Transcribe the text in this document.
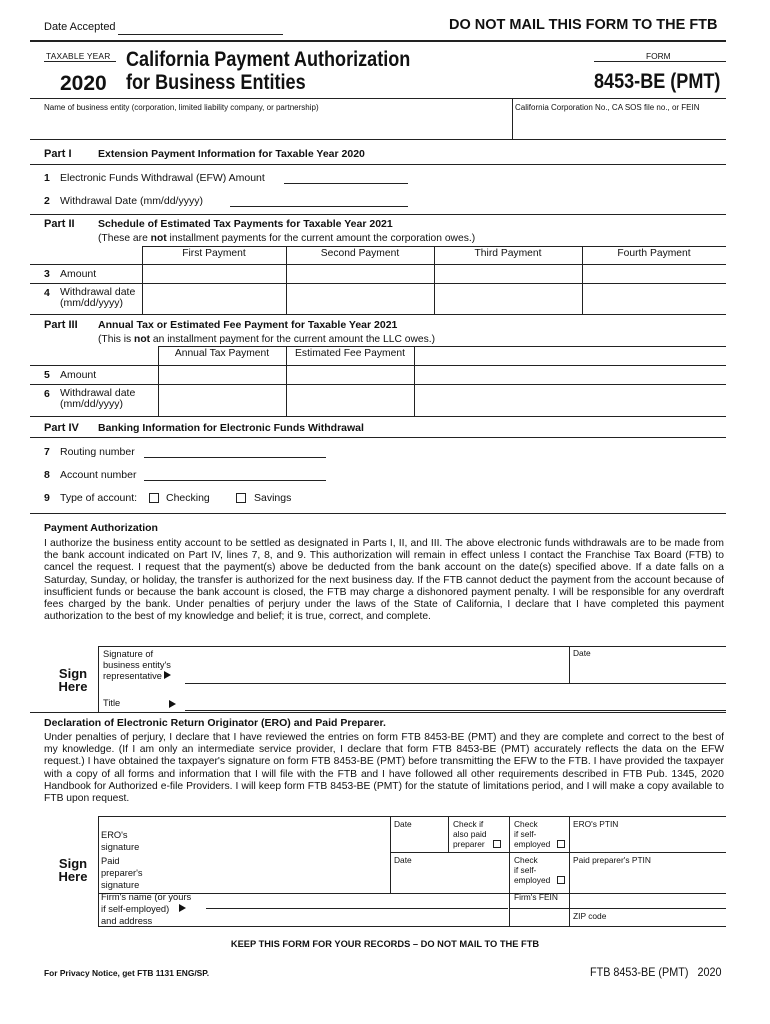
Date Accepted	DO NOT MAIL THIS FORM TO THE FTB
TAXABLE YEAR
2020
California Payment Authorization
for Business Entities
FORM
8453-BE (PMT)
Name of business entity (corporation, limited liability company, or partnership)	California Corporation No., CA SOS file no., or FEIN
Part I	Extension Payment Information for Taxable Year 2020
1 Electronic Funds Withdrawal (EFW) Amount
2 Withdrawal Date (mm/dd/yyyy)
Part II Schedule of Estimated Tax Payments for Taxable Year 2021
(These are not installment payments for the current amount the corporation owes.)
First Payment	Second Payment	Third Payment	Fourth Payment
3 Amount
4 Withdrawal date
(mm/dd/yyyy)
Part III Annual Tax or Estimated Fee Payment for Taxable Year 2021
(This is not an installment payment for the current amount the LLC owes.)
Annual Tax Payment	Estimated Fee Payment
5 Amount
6 Withdrawal date
(mm/dd/yyyy)
Part IV Banking Information for Electronic Funds Withdrawal
7 Routing number
8 Account number
9 Type of account:	Checking	Savings
Payment Authorization
I authorize the business entity account to be settled as designated in Parts I, II, and III. The above electronic funds withdrawals are to be made from the bank account indicated on Part IV, lines 7, 8, and 9. This authorization will remain in effect unless I contact the Franchise Tax Board (FTB) to cancel the request. I request that the payment(s) above be deducted from the bank account on the date(s) specified above. If a date falls on a Saturday, Sunday, or holiday, the transfer is authorized for the next business day. If the FTB cannot deduct the payment from the account because of insufficient funds or because the bank account is closed, the FTB may charge a dishonored payment penalty. I will be responsible for any overdraft fees charged by the bank. Under penalties of perjury under the laws of the State of California, I declare that I have completed this payment authorization to the best of my knowledge and belief; it is true, correct, and complete.
Sign
Here
Signature of
business entity's
representative
Date
Title
Declaration of Electronic Return Originator (ERO) and Paid Preparer.
Under penalties of perjury, I declare that I have reviewed the entries on form FTB 8453-BE (PMT) and they are complete and correct to the best of my knowledge. (If I am only an intermediate service provider, I declare that form FTB 8453-BE (PMT) accurately reflects the data on the EFW request.) I have obtained the taxpayer's signature on form FTB 8453-BE (PMT) before transmitting the EFW to the FTB. I have provided the taxpayer with a copy of all forms and information that I will file with the FTB and I have followed all other requirements described in FTB Pub. 1345, 2020 Handbook for Authorized e-file Providers. I will keep form FTB 8453-BE (PMT) for the statute of limitations period, and I will make a copy available to FTB upon request.
Sign
Here
ERO's
signature
Date	Check if
also paid
preparer
Check
if self-
employed
ERO's PTIN
Paid
preparer's
signature
Date	Check
if self-
employed
Paid preparer's PTIN
Firm's name (or yours
if self-employed)
and address
Firm's FEIN
ZIP code
KEEP THIS FORM FOR YOUR RECORDS – DO NOT MAIL TO THE FTB
For Privacy Notice, get FTB 1131 ENG/SP.	FTB 8453-BE (PMT) 2020
